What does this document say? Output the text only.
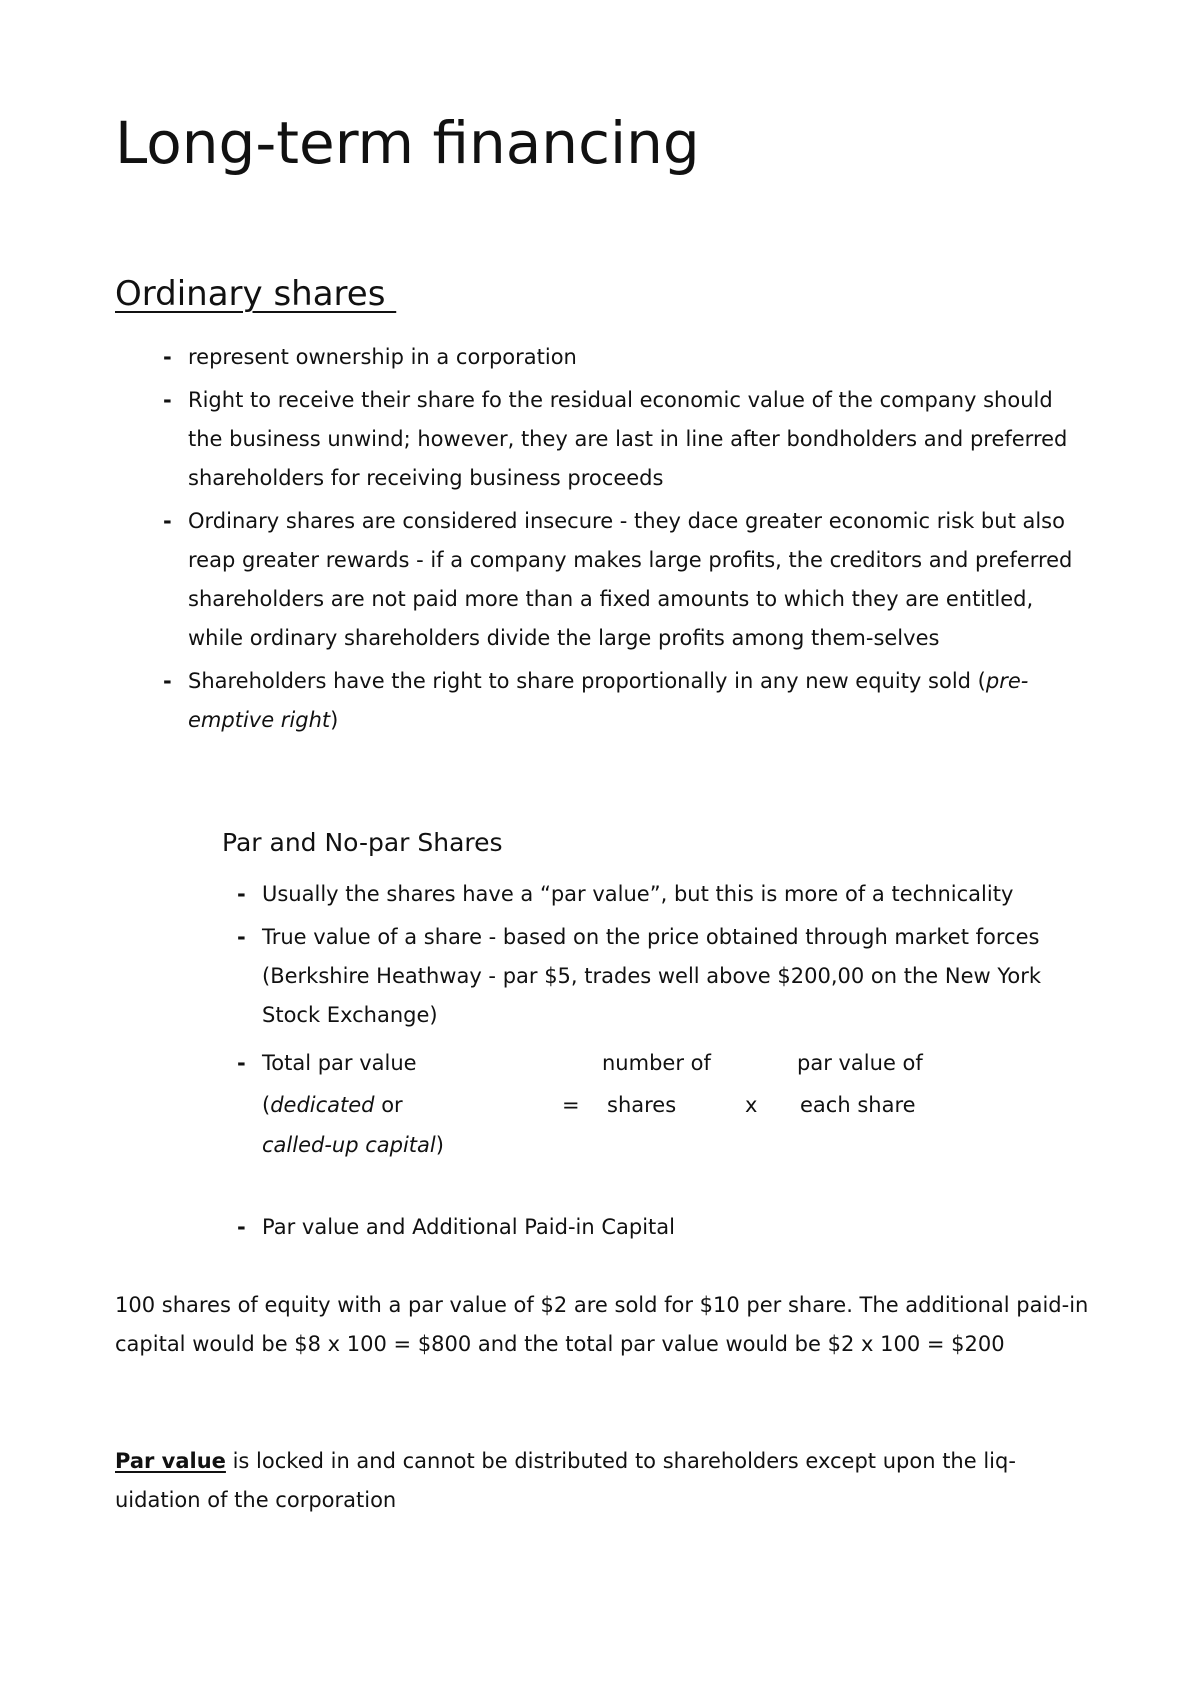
Long-term financing
Ordinary shares
- represent ownership in a corporation
- Right to receive their share fo the residual economic value of the company should the business unwind; however, they are last in line after bondholders and preferred shareholders for receiving business proceeds
- Ordinary shares are considered insecure - they dace greater economic risk but also reap greater rewards - if a company makes large profits, the creditors and preferred shareholders are not paid more than a fixed amounts to which they are entitled, while ordinary shareholders divide the large profits among them-selves
- Shareholders have the right to share proportionally in any new equity sold (pre-emptive right)
Par and No-par Shares
- Usually the shares have a “par value”, but this is more of a technicality
- True value of a share - based on the price obtained through market forces (Berkshire Heathway - par $5, trades well above $200,00 on the New York Stock Exchange)
- Total par value
(dedicated or
called-up capital)
=
number of
shares	x
par value of
each share
- Par value and Additional Paid-in Capital

100 shares of equity with a par value of $2 are sold for $10 per share. The additional paid-in capital would be $8 x 100 = $800 and the total par value would be $2 x 100 = $200

Par value is locked in and cannot be distributed to shareholders except upon the liq-uidation of the corporation
